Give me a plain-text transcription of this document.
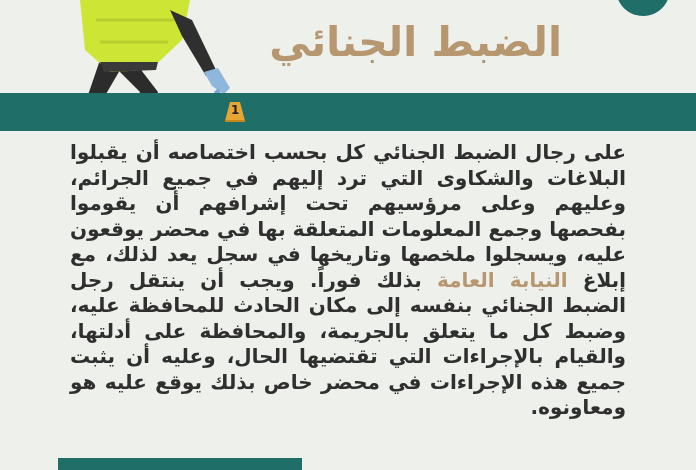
الضبط الجنائي
1

على رجال الضبط الجنائي كل بحسب اختصاصه أن يقبلوا البلاغات والشكاوى التي ترد إليهم في جميع الجرائم، وعليهم وعلى مرؤسيهم تحت إشرافهم أن يقوموا بفحصها وجمع المعلومات المتعلقة بها في محضر يوقعون عليه، ويسجلوا ملخصها وتاريخها في سجل يعد لذلك، مع إبلاغ النيابة العامة بذلك فوراً. ويجب أن ينتقل رجل الضبط الجنائي بنفسه إلى مكان الحادث للمحافظة عليه، وضبط كل ما يتعلق بالجريمة، والمحافظة على أدلتها، والقيام بالإجراءات التي تقتضيها الحال، وعليه أن يثبت جميع هذه الإجراءات في محضر خاص بذلك يوقع عليه هو ومعاونوه.
